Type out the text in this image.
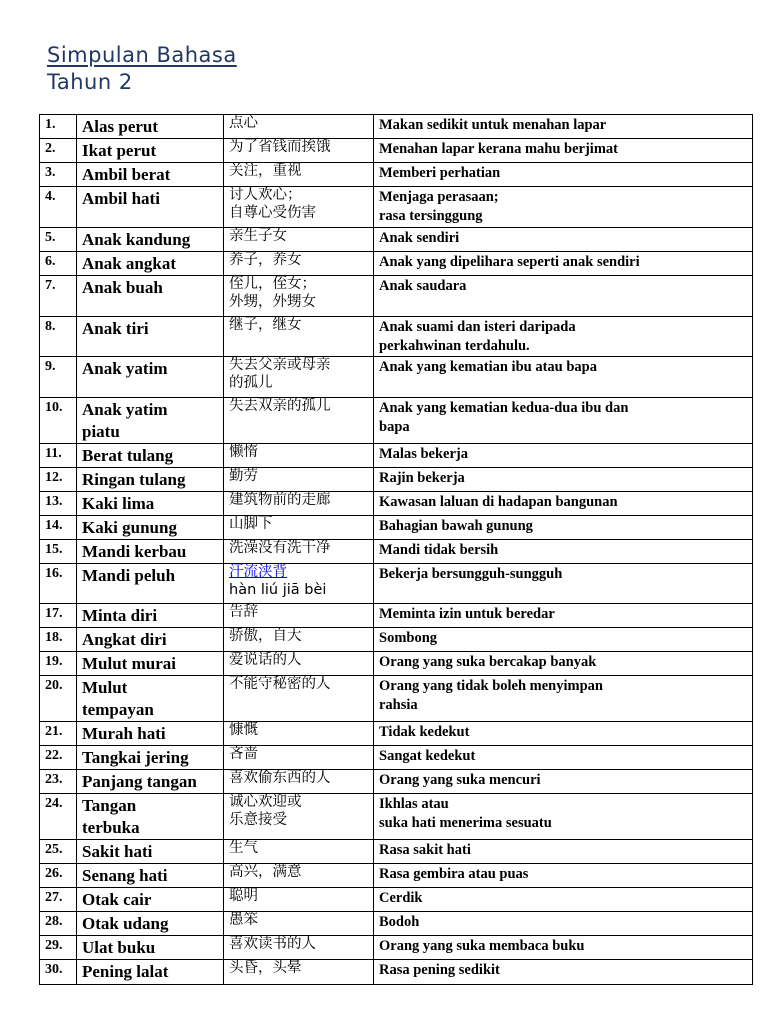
Simpulan Bahasa
Tahun 2
1.	Alas perut	点心	Makan sedikit untuk menahan lapar

2.	Ikat perut	为了省钱而挨饿	Menahan lapar kerana mahu berjimat

3.	Ambil berat	关注，重视	Memberi perhatian

4.	Ambil hati	讨人欢心；
自尊心受伤害	Menjaga perasaan;
rasa tersinggung

5.	Anak kandung	亲生子女	Anak sendiri

6.	Anak angkat	养子，养女	Anak yang dipelihara seperti anak sendiri

7.	Anak buah	侄儿，侄女；
外甥，外甥女	Anak saudara

8.	Anak tiri	继子，继女	Anak suami dan isteri daripada
perkahwinan terdahulu.

9.	Anak yatim	失去父亲或母亲
的孤儿	Anak yang kematian ibu atau bapa

10.	Anak yatim
piatu	失去双亲的孤儿	Anak yang kematian kedua-dua ibu dan
bapa

11.	Berat tulang	懒惰	Malas bekerja

12.	Ringan tulang	勤劳	Rajin bekerja

13.	Kaki lima	建筑物前的走廊	Kawasan laluan di hadapan bangunan

14.	Kaki gunung	山脚下	Bahagian bawah gunung

15.	Mandi kerbau	洗澡没有洗干净	Mandi tidak bersih

16.	Mandi peluh	汗流浃背
hàn liú jiā bèi	Bekerja bersungguh-sungguh

17.	Minta diri	告辞	Meminta izin untuk beredar

18.	Angkat diri	骄傲，自大	Sombong

19.	Mulut murai	爱说话的人	Orang yang suka bercakap banyak

20.	Mulut
tempayan	不能守秘密的人	Orang yang tidak boleh menyimpan
rahsia

21.	Murah hati	慷慨	Tidak kedekut

22.	Tangkai jering	吝啬	Sangat kedekut

23.	Panjang tangan	喜欢偷东西的人	Orang yang suka mencuri

24.	Tangan
terbuka	诚心欢迎或
乐意接受	Ikhlas atau
suka hati menerima sesuatu

25.	Sakit hati	生气	Rasa sakit hati

26.	Senang hati	高兴，满意	Rasa gembira atau puas

27.	Otak cair	聪明	Cerdik

28.	Otak udang	愚笨	Bodoh

29.	Ulat buku	喜欢读书的人	Orang yang suka membaca buku

30.	Pening lalat	头昏，头晕	Rasa pening sedikit
